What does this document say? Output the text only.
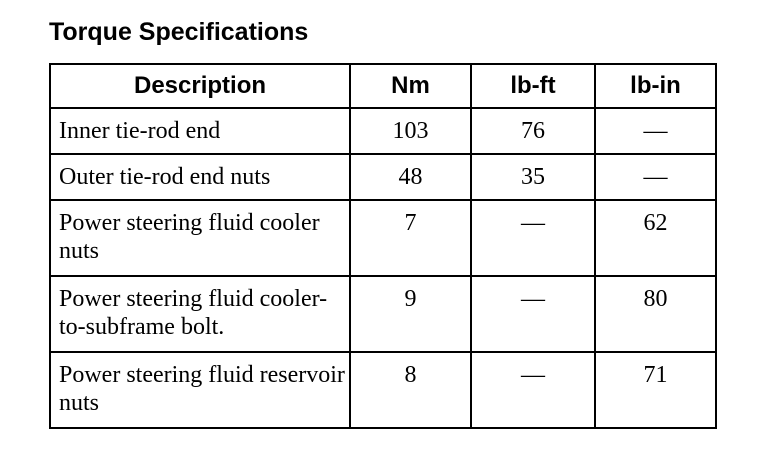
Torque Specifications
Description	Nm	lb-ft	lb-in
Inner tie-rod end	103	76	—
Outer tie-rod end nuts	48	35	—
Power steering fluid cooler nuts	7	—	62
Power steering fluid cooler-to-subframe bolt.	9	—	80
Power steering fluid reservoir nuts	8	—	71
